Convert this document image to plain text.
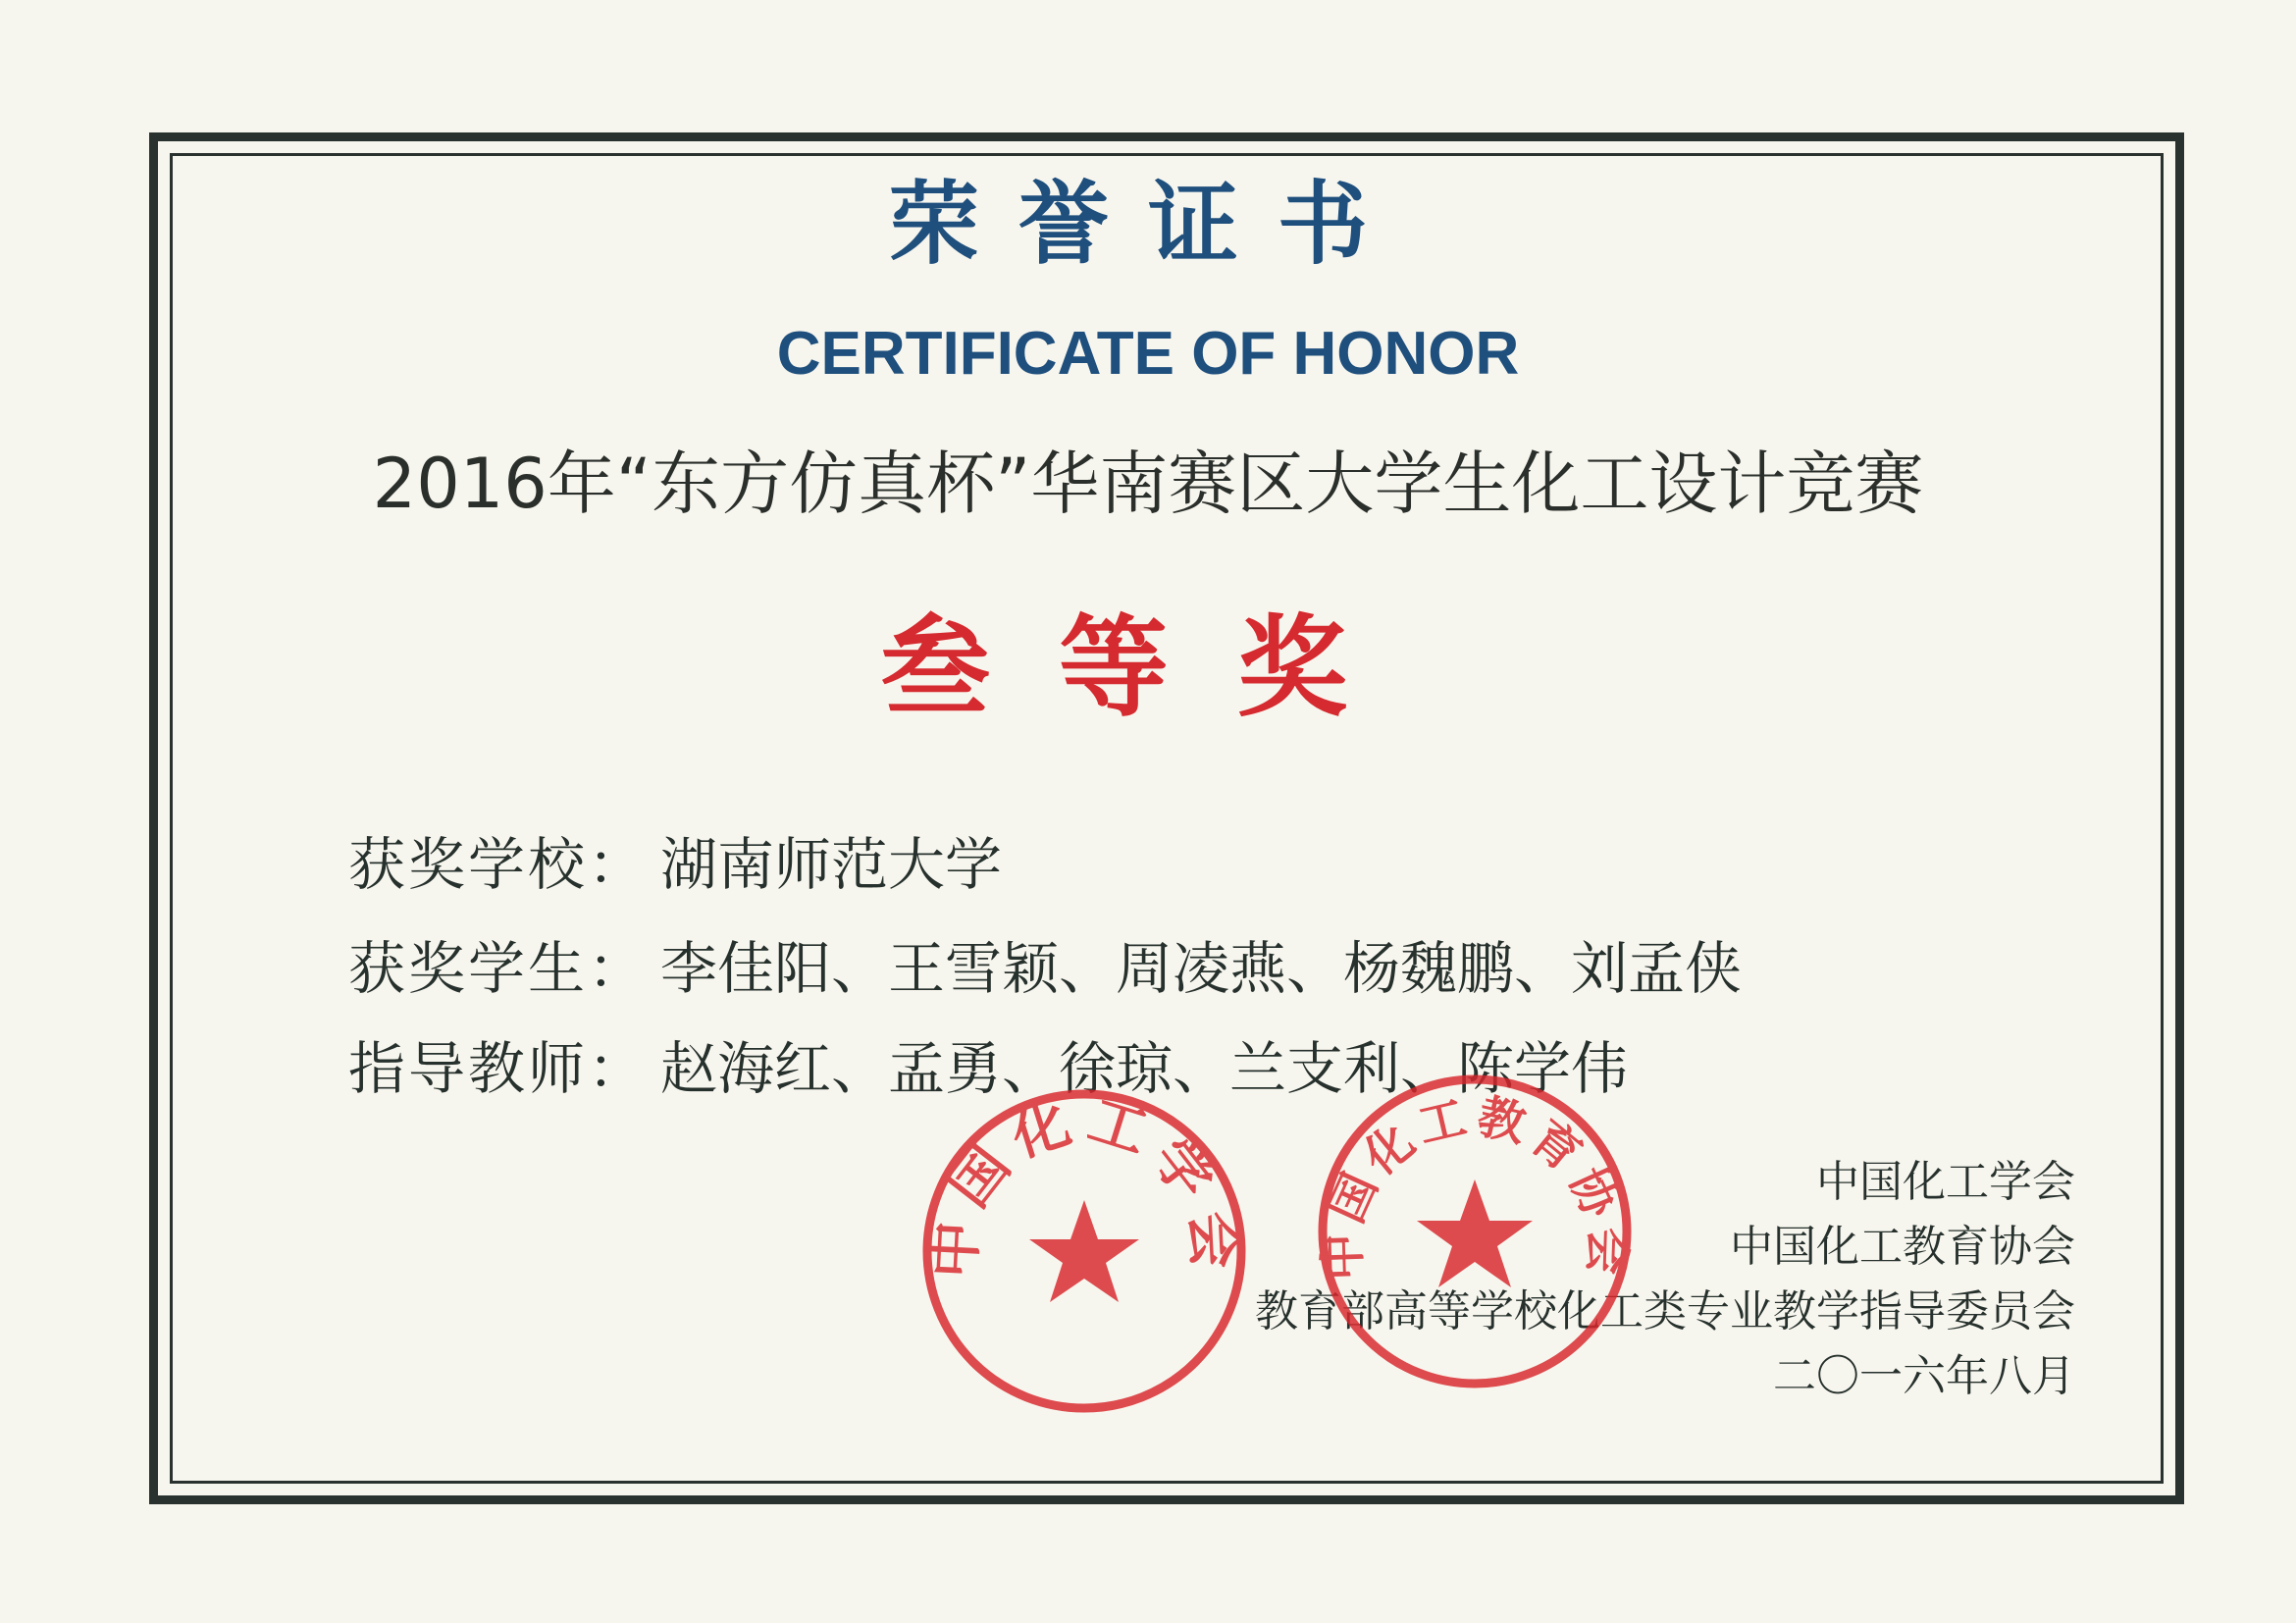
荣誉证书
CERTIFICATE OF HONOR
2016年“东方仿真杯”华南赛区大学生化工设计竞赛
叁等奖
获奖学校： 湖南师范大学
获奖学生： 李佳阳、王雪颖、周凌燕、杨魏鹏、刘孟侠
指导教师： 赵海红、孟勇、徐琼、兰支利、陈学伟
中国化工学会
中国化工教育协会
教育部高等学校化工类专业教学指导委员会
二〇一六年八月
中国化工学会 中国化工教育协会
